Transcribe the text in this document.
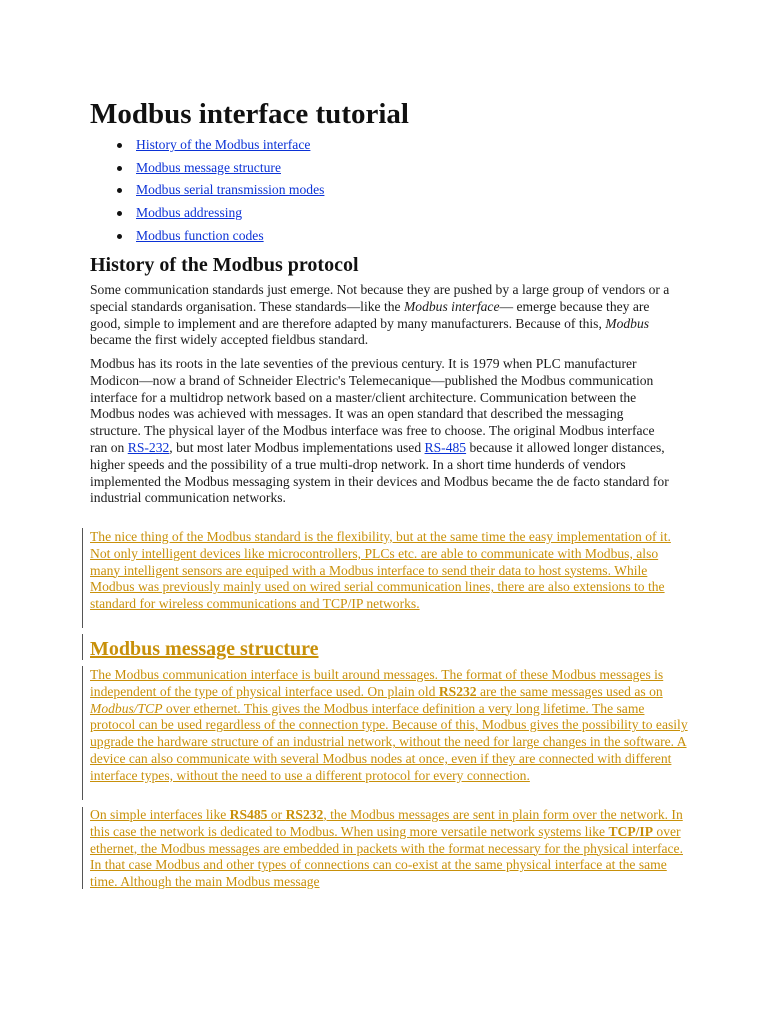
Modbus interface tutorial
History of the Modbus interface
Modbus message structure
Modbus serial transmission modes
Modbus addressing
Modbus function codes
History of the Modbus protocol

Some communication standards just emerge. Not because they are pushed by a large group of vendors or a special standards organisation. These standards—like the Modbus interface— emerge because they are good, simple to implement and are therefore adapted by many manufacturers. Because of this, Modbus became the first widely accepted fieldbus standard.

Modbus has its roots in the late seventies of the previous century. It is 1979 when PLC manufacturer Modicon—now a brand of Schneider Electric's Telemecanique—published the Modbus communication interface for a multidrop network based on a master/client architecture. Communication between the Modbus nodes was achieved with messages. It was an open standard that described the messaging structure. The physical layer of the Modbus interface was free to choose. The original Modbus interface ran on RS-232, but most later Modbus implementations used RS-485 because it allowed longer distances, higher speeds and the possibility of a true multi-drop network. In a short time hunderds of vendors implemented the Modbus messaging system in their devices and Modbus became the de facto standard for industrial communication networks.

The nice thing of the Modbus standard is the flexibility, but at the same time the easy implementation of it. Not only intelligent devices like microcontrollers, PLCs etc. are able to communicate with Modbus, also many intelligent sensors are equiped with a Modbus interface to send their data to host systems. While Modbus was previously mainly used on wired serial communication lines, there are also extensions to the standard for wireless communications and TCP/IP networks.
Modbus message structure
The Modbus communication interface is built around messages. The format of these Modbus messages is independent of the type of physical interface used. On plain old RS232 are the same messages used as on Modbus/TCP over ethernet. This gives the Modbus interface definition a very long lifetime. The same protocol can be used regardless of the connection type. Because of this, Modbus gives the possibility to easily upgrade the hardware structure of an industrial network, without the need for large changes in the software. A device can also communicate with several Modbus nodes at once, even if they are connected with different interface types, without the need to use a different protocol for every connection.
On simple interfaces like RS485 or RS232, the Modbus messages are sent in plain form over the network. In this case the network is dedicated to Modbus. When using more versatile network systems like TCP/IP over ethernet, the Modbus messages are embedded in packets with the format necessary for the physical interface. In that case Modbus and other types of connections can co-exist at the same physical interface at the same time. Although the main Modbus message
